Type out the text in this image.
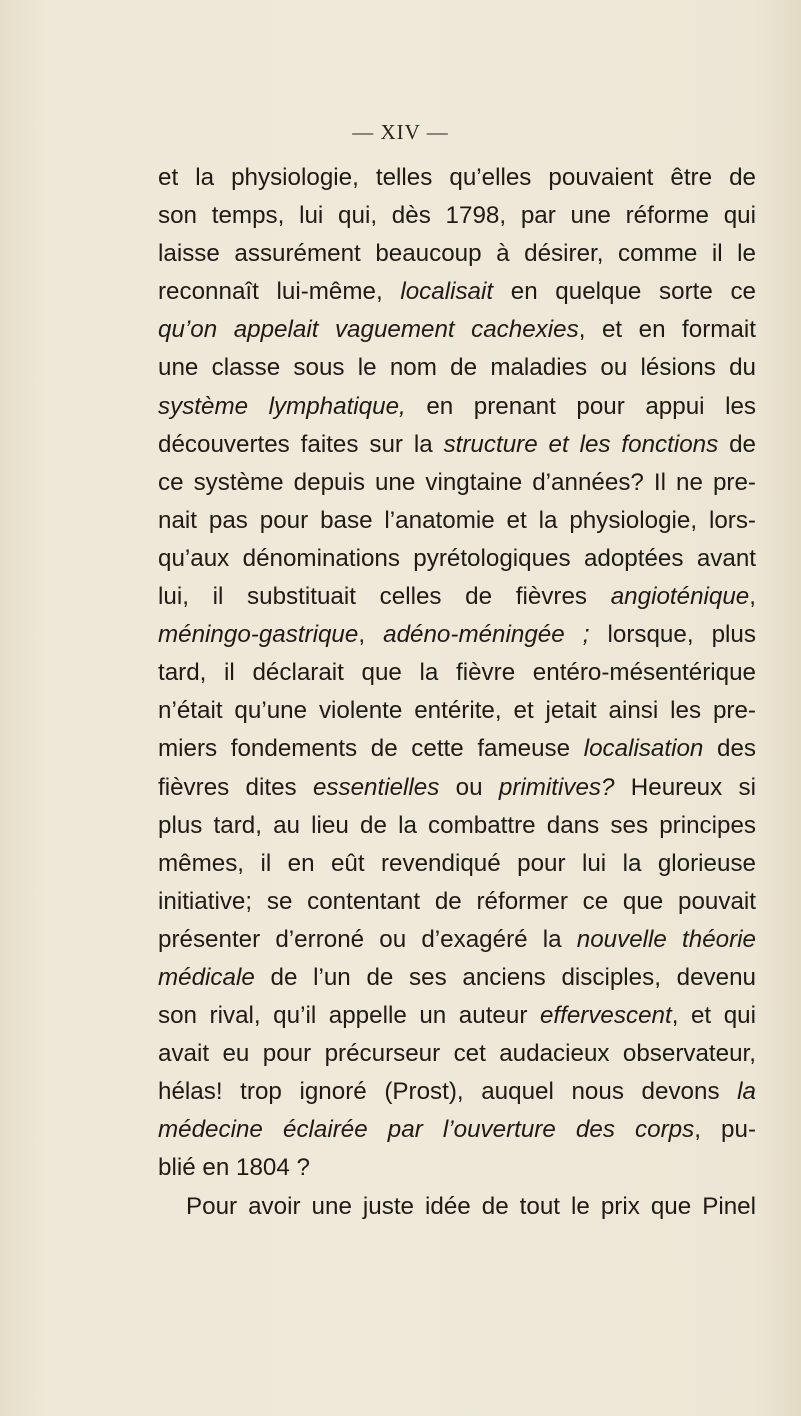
— XIV —
et la physiologie, telles qu’elles pouvaient être de
son temps, lui qui, dès 1798, par une réforme qui
laisse assurément beaucoup à désirer, comme il le
reconnaît lui-même, localisait en quelque sorte ce
qu’on appelait vaguement cachexies, et en formait
une classe sous le nom de maladies ou lésions du
système lymphatique, en prenant pour appui les
découvertes faites sur la structure et les fonctions de
ce système depuis une vingtaine d’années? Il ne pre-
nait pas pour base l’anatomie et la physiologie, lors-
qu’aux dénominations pyrétologiques adoptées avant
lui, il substituait celles de fièvres angioténique,
méningo-gastrique, adéno-méningée ; lorsque, plus
tard, il déclarait que la fièvre entéro-mésentérique
n’était qu’une violente entérite, et jetait ainsi les pre-
miers fondements de cette fameuse localisation des
fièvres dites essentielles ou primitives? Heureux si
plus tard, au lieu de la combattre dans ses principes
mêmes, il en eût revendiqué pour lui la glorieuse
initiative; se contentant de réformer ce que pouvait
présenter d’erroné ou d’exagéré la nouvelle théorie
médicale de l’un de ses anciens disciples, devenu
son rival, qu’il appelle un auteur effervescent, et qui
avait eu pour précurseur cet audacieux observateur,
hélas! trop ignoré (Prost), auquel nous devons la
médecine éclairée par l’ouverture des corps, pu-
blié en 1804 ?
Pour avoir une juste idée de tout le prix que Pinel
